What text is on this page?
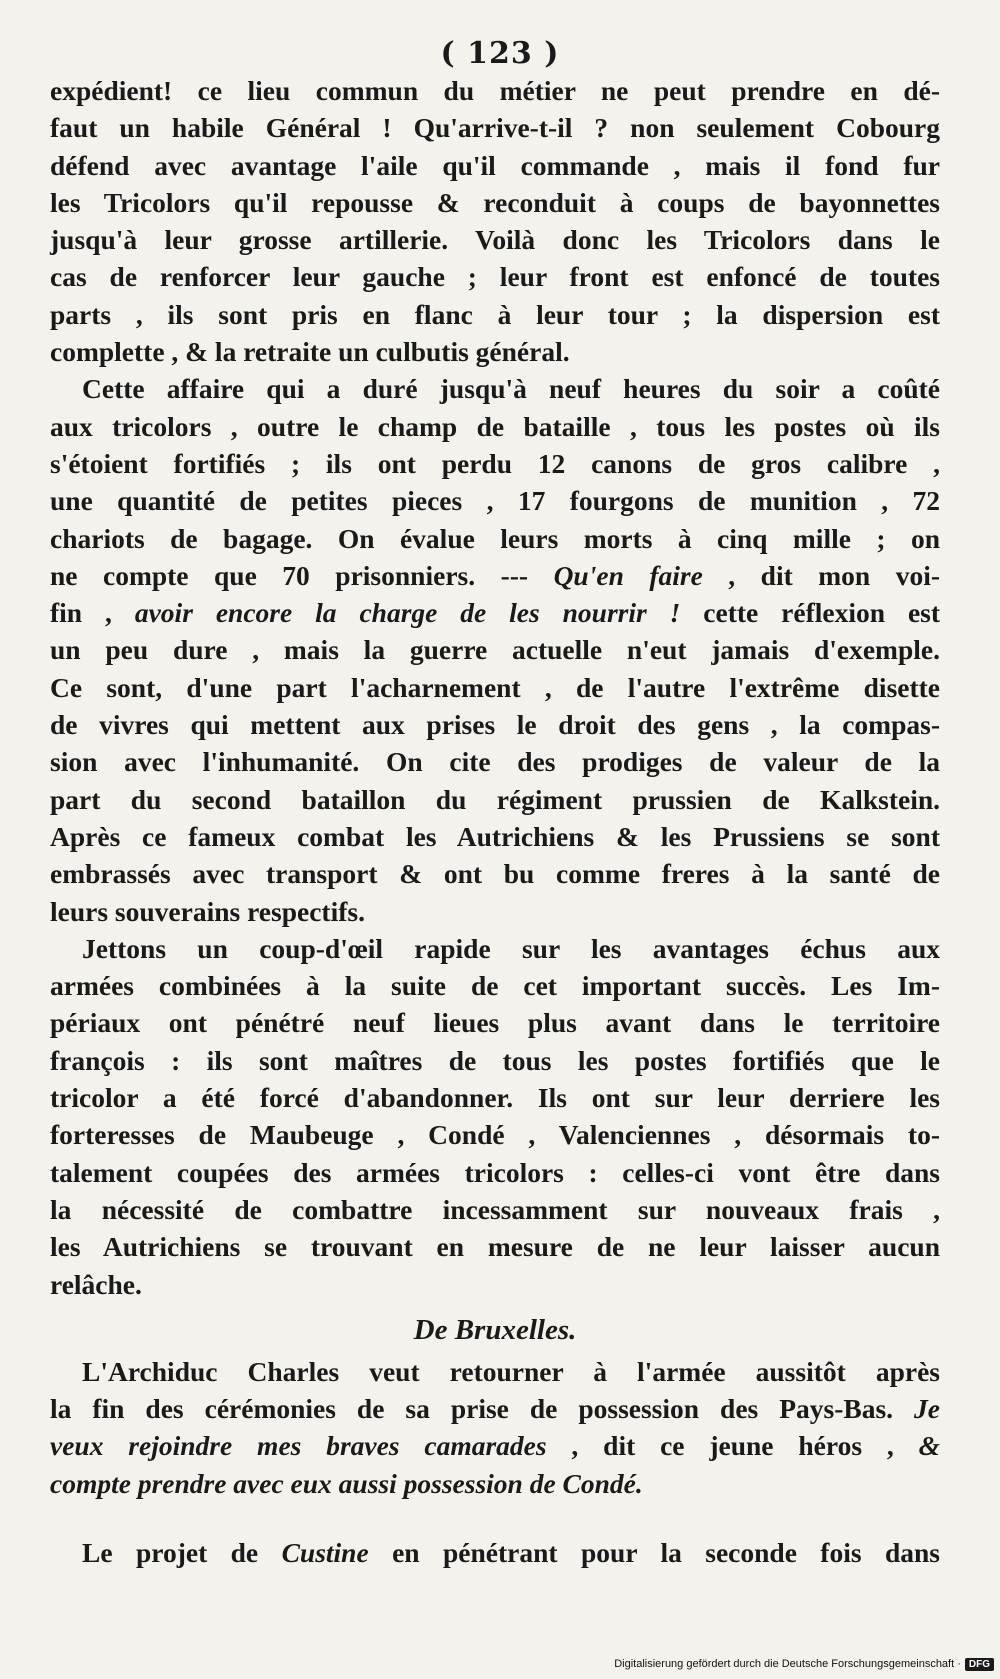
( 123 )
expédient! ce lieu commun du métier ne peut prendre en dé-
faut un habile Général ! Qu'arrive-t-il ? non seulement Cobourg
défend avec avantage l'aile qu'il commande , mais il fond fur
les Tricolors qu'il repousse & reconduit à coups de bayonnettes
jusqu'à leur grosse artillerie. Voilà donc les Tricolors dans le
cas de renforcer leur gauche ; leur front est enfoncé de toutes
parts , ils sont pris en flanc à leur tour ; la dispersion est
complette , & la retraite un culbutis général.
Cette affaire qui a duré jusqu'à neuf heures du soir a coûté
aux tricolors , outre le champ de bataille , tous les postes où ils
s'étoient fortifiés ; ils ont perdu 12 canons de gros calibre ,
une quantité de petites pieces , 17 fourgons de munition , 72
chariots de bagage. On évalue leurs morts à cinq mille ; on
ne compte que 70 prisonniers. --- Qu'en faire , dit mon voi-
fin , avoir encore la charge de les nourrir ! cette réflexion est
un peu dure , mais la guerre actuelle n'eut jamais d'exemple.
Ce sont, d'une part l'acharnement , de l'autre l'extrême disette
de vivres qui mettent aux prises le droit des gens , la compas-
sion avec l'inhumanité. On cite des prodiges de valeur de la
part du second bataillon du régiment prussien de Kalkstein.
Après ce fameux combat les Autrichiens & les Prussiens se sont
embrassés avec transport & ont bu comme freres à la santé de
leurs souverains respectifs.
Jettons un coup-d'œil rapide sur les avantages échus aux
armées combinées à la suite de cet important succès. Les Im-
périaux ont pénétré neuf lieues plus avant dans le territoire
françois : ils sont maîtres de tous les postes fortifiés que le
tricolor a été forcé d'abandonner. Ils ont sur leur derriere les
forteresses de Maubeuge , Condé , Valenciennes , désormais to-
talement coupées des armées tricolors : celles-ci vont être dans
la nécessité de combattre incessamment sur nouveaux frais ,
les Autrichiens se trouvant en mesure de ne leur laisser aucun
relâche.
De Bruxelles.
L'Archiduc Charles veut retourner à l'armée aussitôt après
la fin des cérémonies de sa prise de possession des Pays-Bas. Je
veux rejoindre mes braves camarades , dit ce jeune héros , &
compte prendre avec eux aussi possession de Condé.
Le projet de Custine en pénétrant pour la seconde fois dans
Digitalisierung gefördert durch die Deutsche Forschungsgemeinschaft · DFG
